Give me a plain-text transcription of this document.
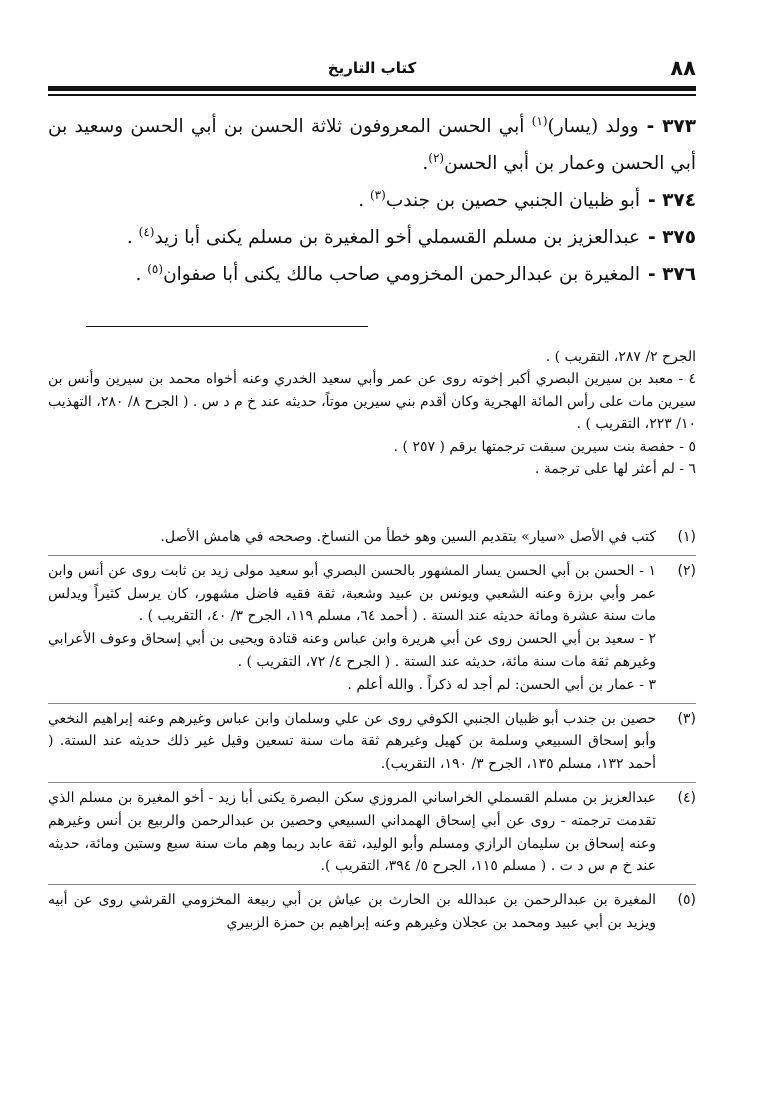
٨٨
كتاب التاريخ
٣٧٣ -وولد (يسار)$^{(١)}$ أبي الحسن المعروفون ثلاثة الحسن بن أبي الحسن وسعيد بن أبي الحسن وعمار بن أبي الحسن$^{(٢)}$.
٣٧٤ -أبو ظبيان الجنبي حصين بن جندب$^{(٣)}$ .
٣٧٥ -عبدالعزيز بن مسلم القسملي أخو المغيرة بن مسلم يكنى أبا زيد$^{(٤)}$ .
٣٧٦ -المغيرة بن عبدالرحمن المخزومي صاحب مالك يكنى أبا صفوان$^{(٥)}$ .

الجرح ٢/ ٢٨٧، التقريب ) .

٤ - معبد بن سيرين البصري أكبر إخوته روى عن عمر وأبي سعيد الخدري وعنه أخواه محمد بن سيرين وأنس بن سيرين مات على رأس المائة الهجرية وكان أقدم بني سيرين موتاً، حديثه عند خ م د س . ( الجرح ٨/ ٢٨٠، التهذيب ١٠/ ٢٢٣، التقريب ) .

٥ - حفصة بنت سيرين سبقت ترجمتها برقم ( ٢٥٧ ) .

٦ - لم أعثر لها على ترجمة .

(١)

كتب في الأصل «سيار» بتقديم السين وهو خطأ من النساخ. وصححه في هامش الأصل.

(٢)

١ - الحسن بن أبي الحسن يسار المشهور بالحسن البصري أبو سعيد مولى زيد بن ثابت روى عن أنس وابن عمر وأبي برزة وعنه الشعبي ويونس بن عبيد وشعبة، ثقة فقيه فاضل مشهور، كان يرسل كثيراً ويدلس مات سنة عشرة ومائة حديثه عند الستة . ( أحمد ٦٤، مسلم ١١٩، الجرح ٣/ ٤٠، التقريب ) .

٢ - سعيد بن أبي الحسن روى عن أبي هريرة وابن عباس وعنه قتادة ويحيى بن أبي إسحاق وعوف الأعرابي وغيرهم ثقة مات سنة مائة، حديثه عند الستة . ( الجرح ٤/ ٧٢، التقريب ) .

٣ - عمار بن أبي الحسن: لم أجد له ذكراً . والله أعلم .

(٣)

حصين بن جندب أبو ظبيان الجنبي الكوفي روى عن علي وسلمان وابن عباس وغيرهم وعنه إبراهيم النخعي وأبو إسحاق السبيعي وسلمة بن كهيل وغيرهم ثقة مات سنة تسعين وقيل غير ذلك حديثه عند الستة. ( أحمد ١٣٢، مسلم ١٣٥، الجرح ٣/ ١٩٠، التقريب).

(٤)

عبدالعزيز بن مسلم القسملي الخراساني المروزي سكن البصرة يكنى أبا زيد - أخو المغيرة بن مسلم الذي تقدمت ترجمته - روى عن أبي إسحاق الهمداني السبيعي وحصين بن عبدالرحمن والربيع بن أنس وغيرهم وعنه إسحاق بن سليمان الرازي ومسلم وأبو الوليد، ثقة عابد ربما وهم مات سنة سبع وستين ومائة، حديثه عند خ م س د ت . ( مسلم ١١٥، الجرح ٥/ ٣٩٤، التقريب ).

(٥)

المغيرة بن عبدالرحمن بن عبدالله بن الحارث بن عياش بن أبي ربيعة المخزومي القرشي روى عن أبيه ويزيد بن أبي عبيد ومحمد بن عجلان وغيرهم وعنه إبراهيم بن حمزة الزبيري
